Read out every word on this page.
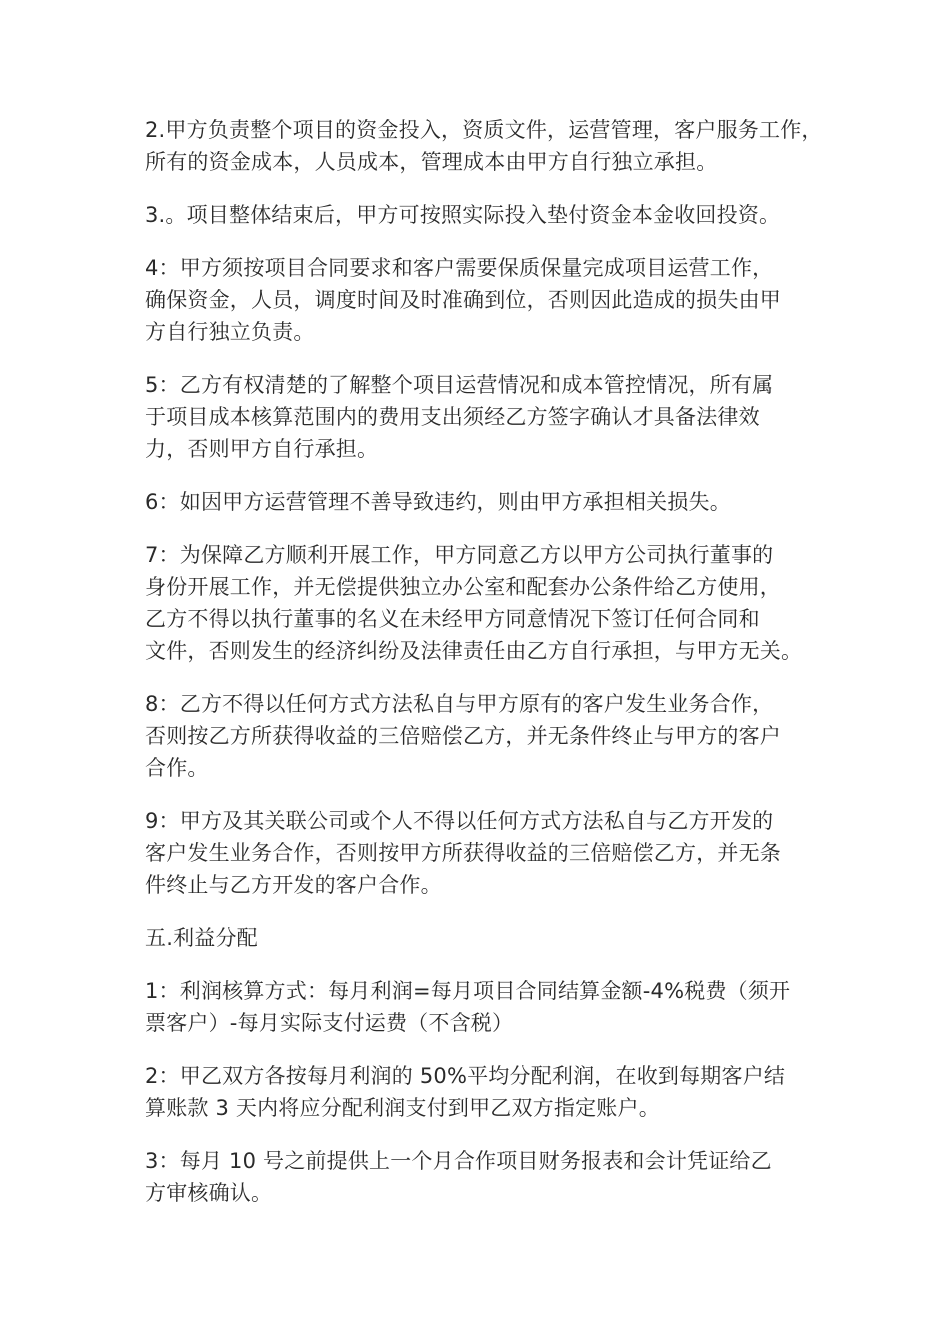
2.甲方负责整个项目的资金投入，资质文件，运营管理，客户服务工作，
所有的资金成本，人员成本，管理成本由甲方自行独立承担。

3.。项目整体结束后，甲方可按照实际投入垫付资金本金收回投资。

4：甲方须按项目合同要求和客户需要保质保量完成项目运营工作，
确保资金，人员，调度时间及时准确到位，否则因此造成的损失由甲
方自行独立负责。

5：乙方有权清楚的了解整个项目运营情况和成本管控情况，所有属
于项目成本核算范围内的费用支出须经乙方签字确认才具备法律效
力，否则甲方自行承担。

6：如因甲方运营管理不善导致违约，则由甲方承担相关损失。

7：为保障乙方顺利开展工作，甲方同意乙方以甲方公司执行董事的
身份开展工作，并无偿提供独立办公室和配套办公条件给乙方使用，
乙方不得以执行董事的名义在未经甲方同意情况下签订任何合同和
文件，否则发生的经济纠纷及法律责任由乙方自行承担，与甲方无关。

8：乙方不得以任何方式方法私自与甲方原有的客户发生业务合作，
否则按乙方所获得收益的三倍赔偿乙方，并无条件终止与甲方的客户
合作。

9：甲方及其关联公司或个人不得以任何方式方法私自与乙方开发的
客户发生业务合作，否则按甲方所获得收益的三倍赔偿乙方，并无条
件终止与乙方开发的客户合作。

五.利益分配

1：利润核算方式：每月利润=每月项目合同结算金额-4%税费（须开
票客户）-每月实际支付运费（不含税）

2：甲乙双方各按每月利润的 50%平均分配利润，在收到每期客户结
算账款 3 天内将应分配利润支付到甲乙双方指定账户。

3：每月 10 号之前提供上一个月合作项目财务报表和会计凭证给乙
方审核确认。
